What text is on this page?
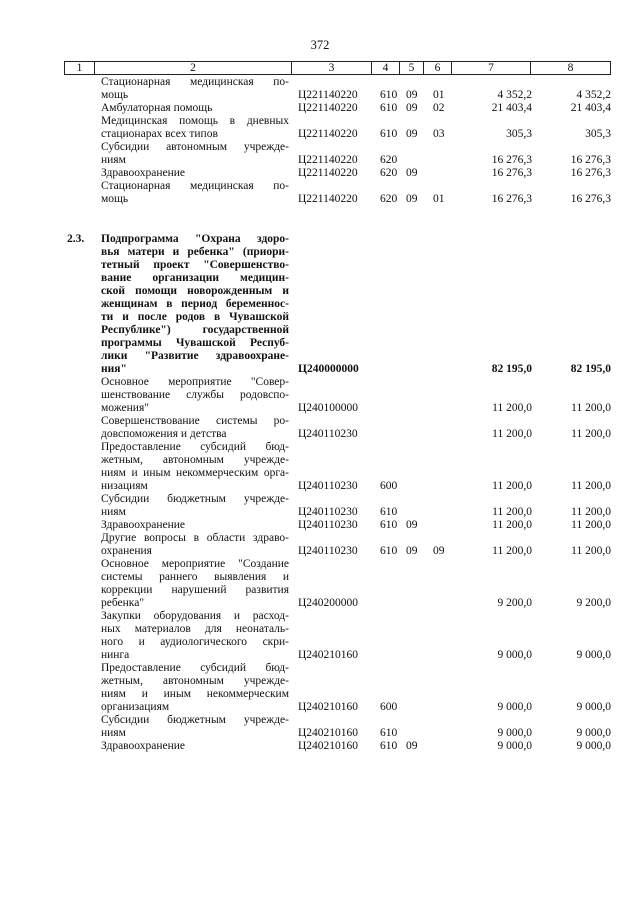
372
1	2	3	4	5	6	7	8
Стационарная медицинская по-
мощь	Ц221140220 610 09 01	4 352,2	4 352,2
Амбулаторная помощь	Ц221140220 610 09 02	21 403,4	21 403,4
Медицинская помощь в дневных
стационарах всех типов	Ц221140220 610 09 03	305,3	305,3
Субсидии автономным учрежде-
ниям	Ц221140220 620	16 276,3	16 276,3
Здравоохранение	Ц221140220 620 09	16 276,3	16 276,3
Стационарная медицинская по-
мощь	Ц221140220 620 09 01	16 276,3	16 276,3
2.3. Подпрограмма "Охрана здоро-
вья матери и ребенка" (приори-
тетный проект "Совершенство-
вание организации медицин-
ской помощи новорожденным и
женщинам в период беременнос-
ти и после родов в Чувашской
Республике") государственной
программы Чувашской Респуб-
лики "Развитие здравоохране-
ния"	Ц240000000	82 195,0	82 195,0
Основное мероприятие "Совер-
шенствование службы родовспо-
можения"	Ц240100000	11 200,0	11 200,0
Совершенствование системы ро-
довспоможения и детства	Ц240110230	11 200,0	11 200,0
Предоставление субсидий бюд-
жетным, автономным учрежде-
ниям и иным некоммерческим орга-
низациям	Ц240110230 600	11 200,0	11 200,0
Субсидии бюджетным учрежде-
ниям	Ц240110230 610	11 200,0	11 200,0
Здравоохранение	Ц240110230 610 09	11 200,0	11 200,0
Другие вопросы в области здраво-
охранения	Ц240110230 610 09 09	11 200,0	11 200,0
Основное мероприятие "Создание
системы раннего выявления и
коррекции нарушений развития
ребенка"	Ц240200000	9 200,0	9 200,0
Закупки оборудования и расход-
ных материалов для неонаталь-
ного и аудиологического скри-
нинга	Ц240210160	9 000,0	9 000,0
Предоставление субсидий бюд-
жетным, автономным учрежде-
ниям и иным некоммерческим
организациям	Ц240210160 600	9 000,0	9 000,0
Субсидии бюджетным учрежде-
ниям	Ц240210160 610	9 000,0	9 000,0
Здравоохранение	Ц240210160 610 09	9 000,0	9 000,0
